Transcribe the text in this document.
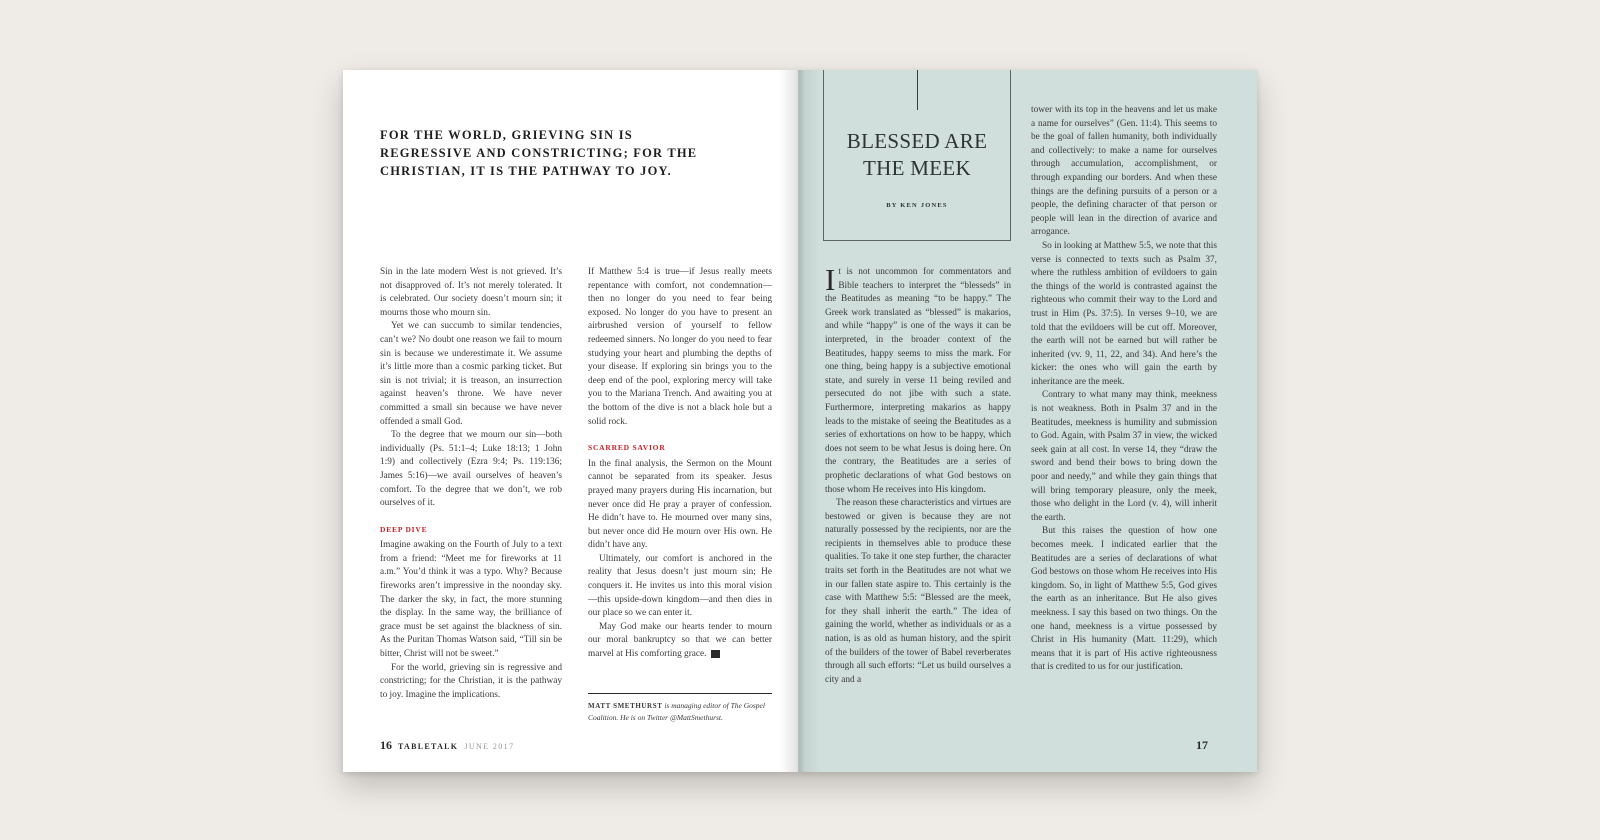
FOR THE WORLD, GRIEVING SIN IS
REGRESSIVE AND CONSTRICTING; FOR THE
CHRISTIAN, IT IS THE PATHWAY TO JOY.

Sin in the late modern West is not grieved. It’s not disapproved of. It’s not merely tolerated. It is celebrated. Our society doesn’t mourn sin; it mourns those who mourn sin.

Yet we can succumb to similar tendencies, can’t we? No doubt one reason we fail to mourn sin is because we underestimate it. We assume it’s little more than a cosmic parking ticket. But sin is not trivial; it is treason, an insurrection against heaven’s throne. We have never committed a small sin because we have never offended a small God.

To the degree that we mourn our sin—both individually (Ps. 51:1–4; Luke 18:13; 1 John 1:9) and collectively (Ezra 9:4; Ps. 119:136; James 5:16)—we avail ourselves of heaven’s comfort. To the degree that we don’t, we rob ourselves of it.

DEEP DIVE

Imagine awaking on the Fourth of July to a text from a friend: “Meet me for fireworks at 11 a.m.” You’d think it was a typo. Why? Because fireworks aren’t impressive in the noonday sky. The darker the sky, in fact, the more stunning the display. In the same way, the brilliance of grace must be set against the blackness of sin. As the Puritan Thomas Watson said, “Till sin be bitter, Christ will not be sweet.”

For the world, grieving sin is regressive and constricting; for the Christian, it is the pathway to joy. Imagine the implications.

If Matthew 5:4 is true—if Jesus really meets repentance with comfort, not condemnation—then no longer do you need to fear being exposed. No longer do you have to present an airbrushed version of yourself to fellow redeemed sinners. No longer do you need to fear studying your heart and plumbing the depths of your disease. If exploring sin brings you to the deep end of the pool, exploring mercy will take you to the Mariana Trench. And awaiting you at the bottom of the dive is not a black hole but a solid rock.

SCARRED SAVIOR

In the final analysis, the Sermon on the Mount cannot be separated from its speaker. Jesus prayed many prayers during His incarnation, but never once did He pray a prayer of confession. He didn’t have to. He mourned over many sins, but never once did He mourn over His own. He didn’t have any.

Ultimately, our comfort is anchored in the reality that Jesus doesn’t just mourn sin; He conquers it. He invites us into this moral vision—this upside-down kingdom—and then dies in our place so we can enter it.

May God make our hearts tender to mourn our moral bankruptcy so that we can better marvel at His comforting grace.

MATT SMETHURST is managing editor of The Gospel Coalition. He is on Twitter @MattSmethurst.
16 TABLETALK JUNE 2017
BLESSED ARE
THE MEEK
BY KEN JONES

It is not uncommon for commentators and Bible teachers to interpret the “blesseds” in the Beatitudes as meaning “to be happy.” The Greek work translated as “blessed” is makarios, and while “happy” is one of the ways it can be interpreted, in the broader context of the Beatitudes, happy seems to miss the mark. For one thing, being happy is a subjective emotional state, and surely in verse 11 being reviled and persecuted do not jibe with such a state. Furthermore, interpreting makarios as happy leads to the mistake of seeing the Beatitudes as a series of exhortations on how to be happy, which does not seem to be what Jesus is doing here. On the contrary, the Beatitudes are a series of prophetic declarations of what God bestows on those whom He receives into His kingdom.

The reason these characteristics and virtues are bestowed or given is because they are not naturally possessed by the recipients, nor are the recipients in themselves able to produce these qualities. To take it one step further, the character traits set forth in the Beatitudes are not what we in our fallen state aspire to. This certainly is the case with Matthew 5:5: “Blessed are the meek, for they shall inherit the earth.” The idea of gaining the world, whether as individuals or as a nation, is as old as human history, and the spirit of the builders of the tower of Babel reverberates through all such efforts: “Let us build ourselves a city and a

tower with its top in the heavens and let us make a name for ourselves” (Gen. 11:4). This seems to be the goal of fallen humanity, both individually and collectively: to make a name for ourselves through accumulation, accomplishment, or through expanding our borders. And when these things are the defining pursuits of a person or a people, the defining character of that person or people will lean in the direction of avarice and arrogance.

So in looking at Matthew 5:5, we note that this verse is connected to texts such as Psalm 37, where the ruthless ambition of evildoers to gain the things of the world is contrasted against the righteous who commit their way to the Lord and trust in Him (Ps. 37:5). In verses 9–10, we are told that the evildoers will be cut off. Moreover, the earth will not be earned but will rather be inherited (vv. 9, 11, 22, and 34). And here’s the kicker: the ones who will gain the earth by inheritance are the meek.

Contrary to what many may think, meekness is not weakness. Both in Psalm 37 and in the Beatitudes, meekness is humility and submission to God. Again, with Psalm 37 in view, the wicked seek gain at all cost. In verse 14, they “draw the sword and bend their bows to bring down the poor and needy,” and while they gain things that will bring temporary pleasure, only the meek, those who delight in the Lord (v. 4), will inherit the earth.

But this raises the question of how one becomes meek. I indicated earlier that the Beatitudes are a series of declarations of what God bestows on those whom He receives into His kingdom. So, in light of Matthew 5:5, God gives the earth as an inheritance. But He also gives meekness. I say this based on two things. On the one hand, meekness is a virtue possessed by Christ in His humanity (Matt. 11:29), which means that it is part of His active righteousness that is credited to us for our justification.

17
